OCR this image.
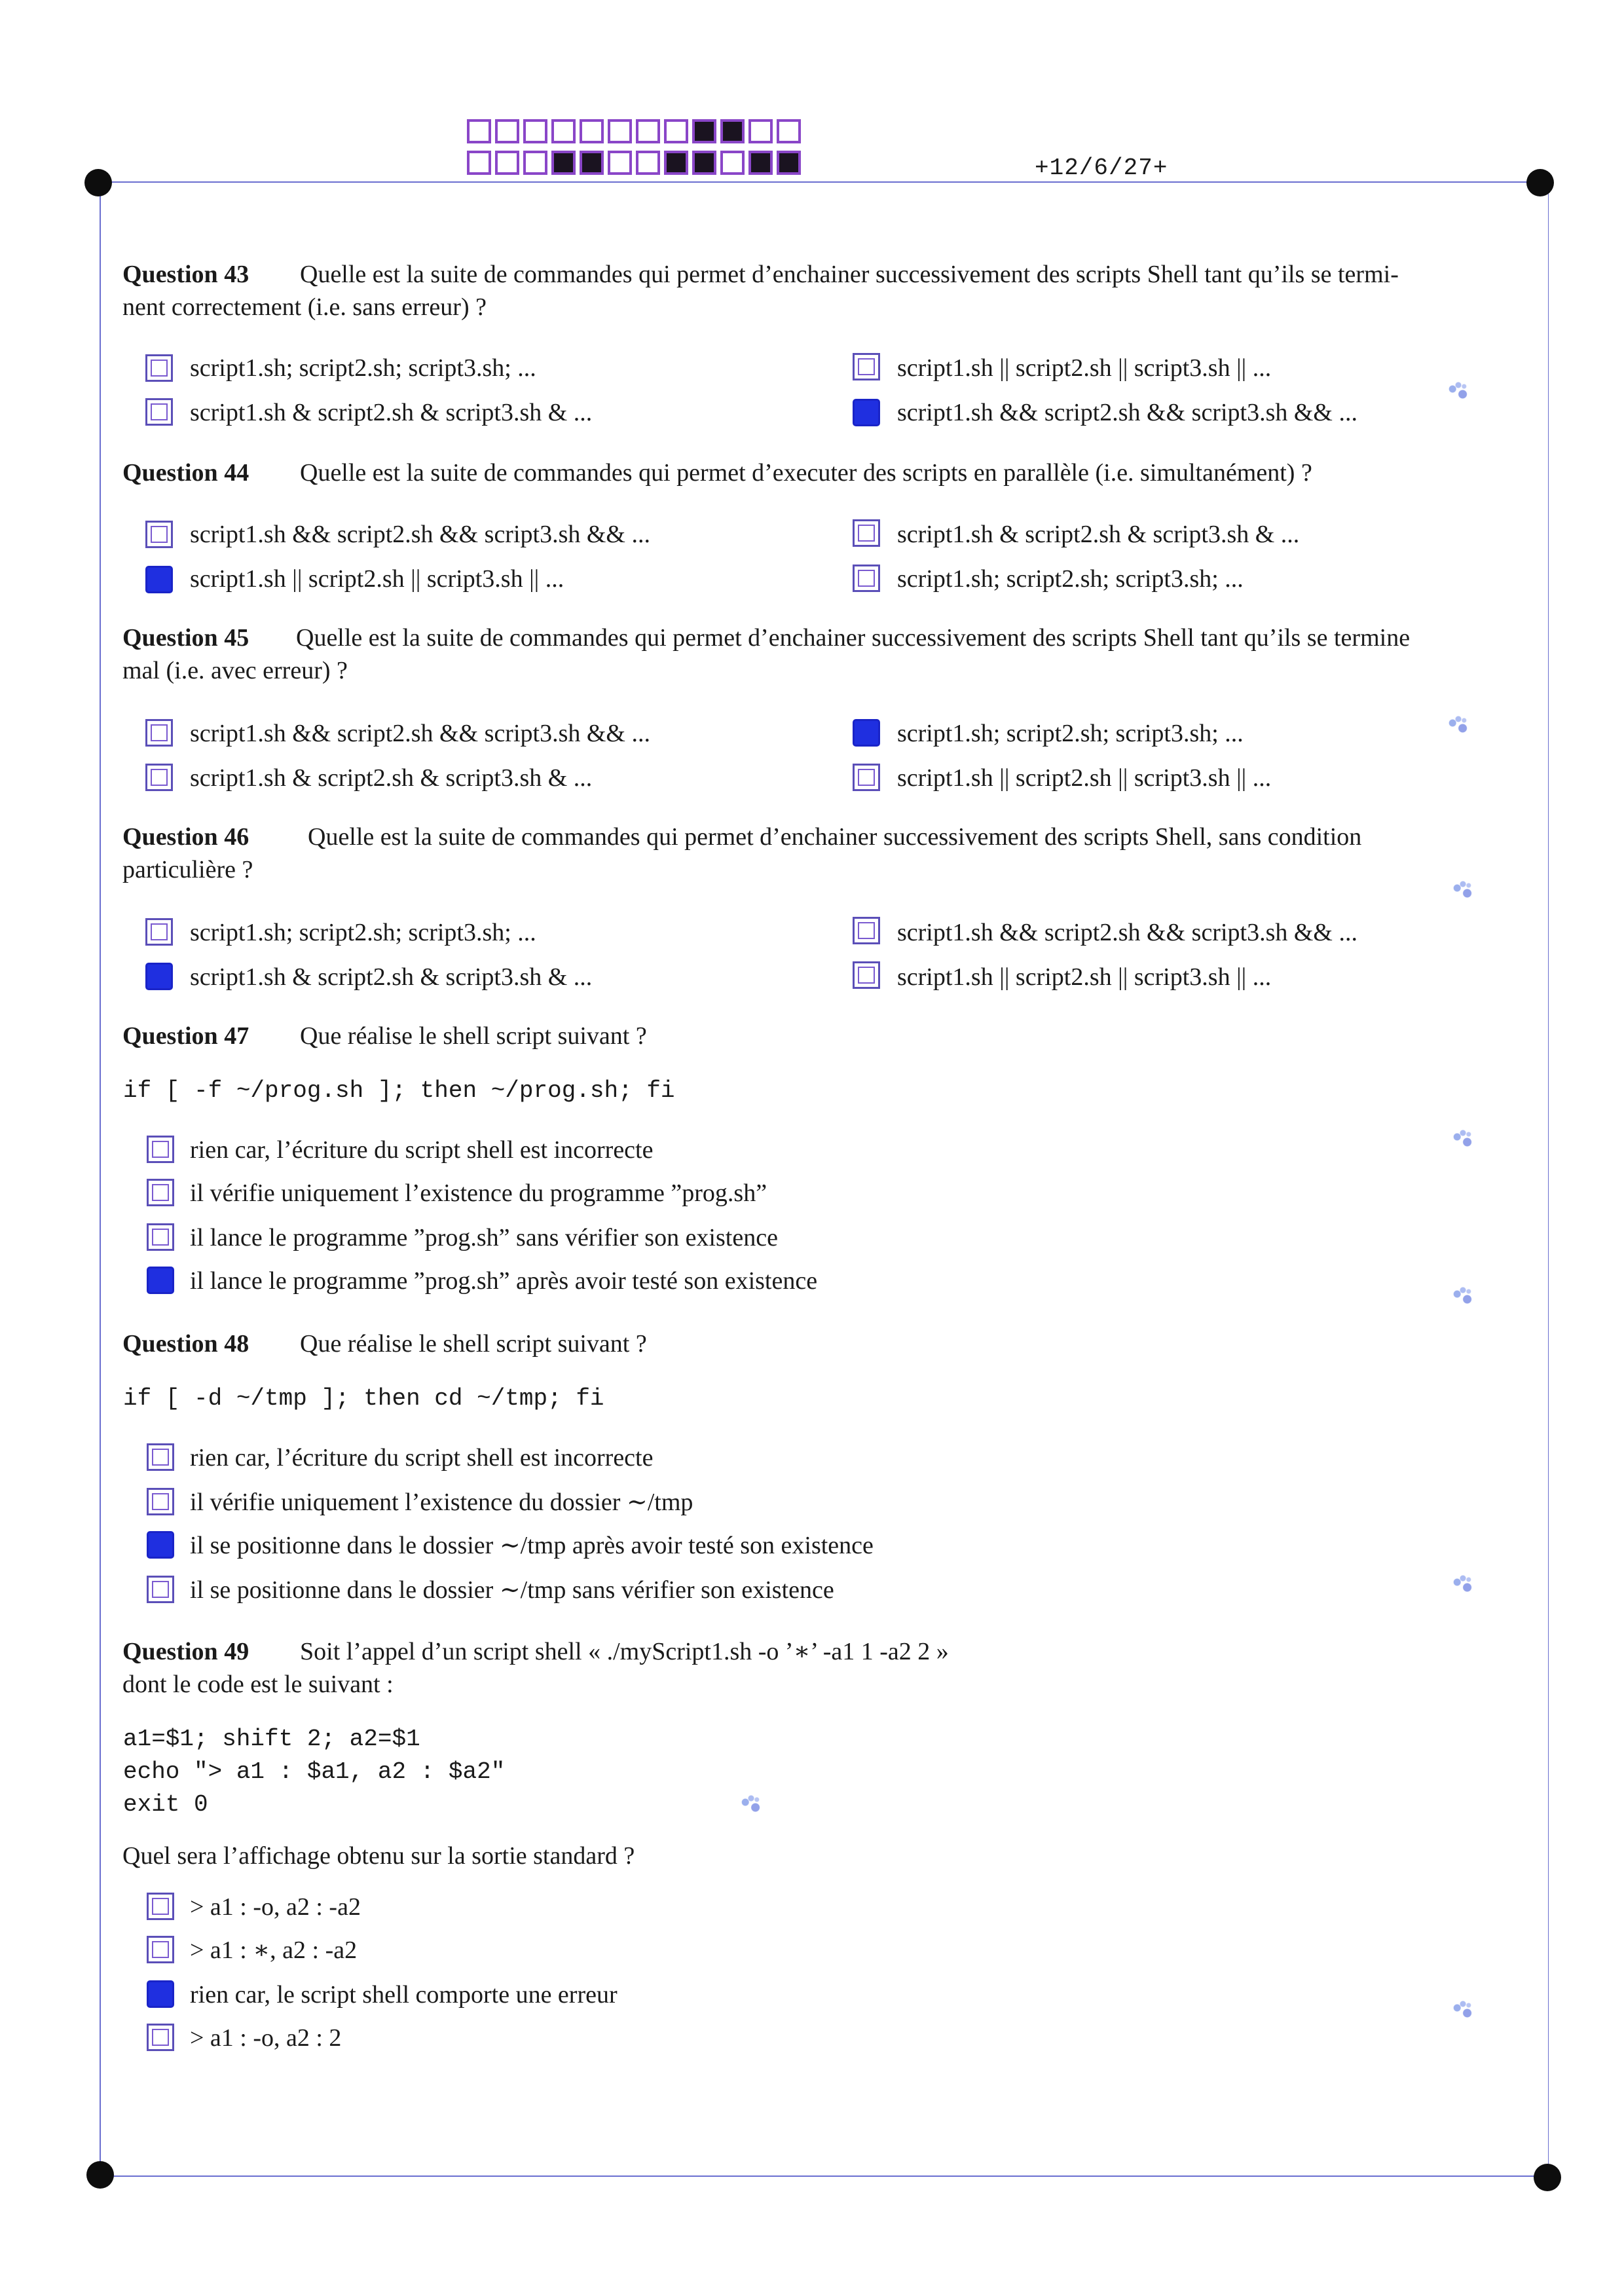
+12/6/27+
Question 43 Quelle est la suite de commandes qui permet d’enchainer successivement des scripts Shell tant qu’ils se termi-
nent correctement (i.e. sans erreur) ?
script1.sh; script2.sh; script3.sh; ...	script1.sh || script2.sh || script3.sh || ...
script1.sh & script2.sh & script3.sh & ...	script1.sh && script2.sh && script3.sh && ...
Question 44 Quelle est la suite de commandes qui permet d’executer des scripts en parallèle (i.e. simultanément) ?
script1.sh && script2.sh && script3.sh && ...	script1.sh & script2.sh & script3.sh & ...
script1.sh || script2.sh || script3.sh || ...	script1.sh; script2.sh; script3.sh; ...
Question 45 Quelle est la suite de commandes qui permet d’enchainer successivement des scripts Shell tant qu’ils se termine
mal (i.e. avec erreur) ?
script1.sh && script2.sh && script3.sh && ...	script1.sh; script2.sh; script3.sh; ...
script1.sh & script2.sh & script3.sh & ...	script1.sh || script2.sh || script3.sh || ...
Question 46 Quelle est la suite de commandes qui permet d’enchainer successivement des scripts Shell, sans condition
particulière ?
script1.sh; script2.sh; script3.sh; ...	script1.sh && script2.sh && script3.sh && ...
script1.sh & script2.sh & script3.sh & ...	script1.sh || script2.sh || script3.sh || ...
Question 47 Que réalise le shell script suivant ?
if [ -f ~/prog.sh ]; then ~/prog.sh; fi
rien car, l’écriture du script shell est incorrecte
il vérifie uniquement l’existence du programme ”prog.sh”
il lance le programme ”prog.sh” sans vérifier son existence
il lance le programme ”prog.sh” après avoir testé son existence
Question 48 Que réalise le shell script suivant ?
if [ -d ~/tmp ]; then cd ~/tmp; fi
rien car, l’écriture du script shell est incorrecte
il vérifie uniquement l’existence du dossier ∼/tmp
il se positionne dans le dossier ∼/tmp après avoir testé son existence
il se positionne dans le dossier ∼/tmp sans vérifier son existence
Question 49 Soit l’appel d’un script shell « ./myScript1.sh -o ’∗’ -a1 1 -a2 2 »
dont le code est le suivant :
a1=$1; shift 2; a2=$1
echo "> a1 : $a1, a2 : $a2"
exit 0
Quel sera l’affichage obtenu sur la sortie standard ?
> a1 : -o, a2 : -a2
> a1 : ∗, a2 : -a2
rien car, le script shell comporte une erreur
> a1 : -o, a2 : 2
